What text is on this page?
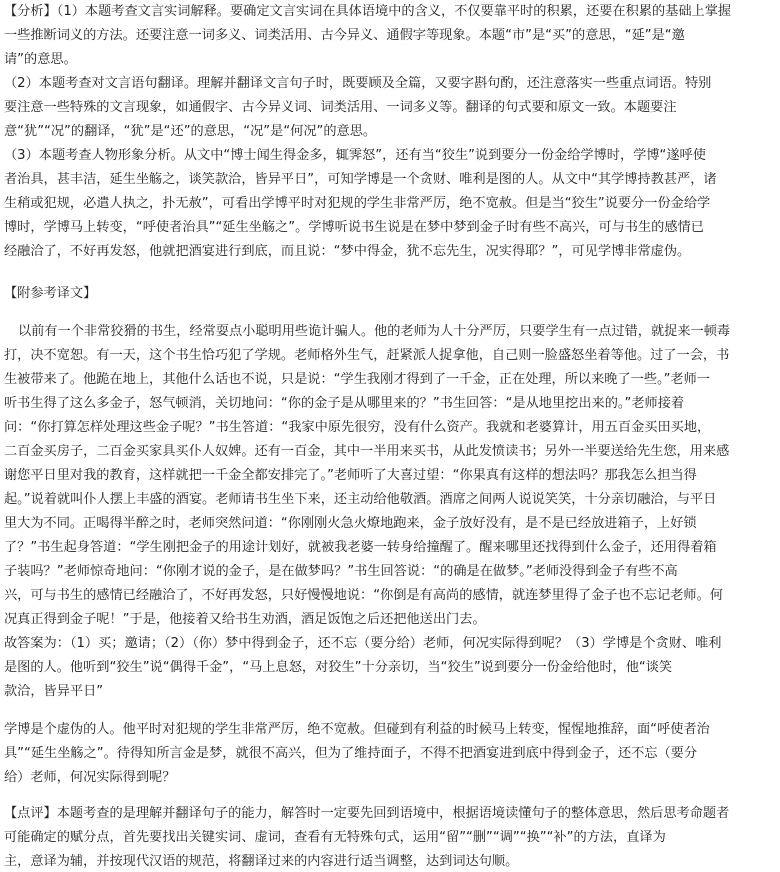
【分析】（1）本题考查文言实词解释。要确定文言实词在具体语境中的含义，不仅要靠平时的积累，还要在积累的基础上掌握
一些推断词义的方法。还要注意一词多义、词类活用、古今异义、通假字等现象。本题“市”是“买”的意思，“延”是“邀
请”的意思。
（2）本题考查对文言语句翻译。理解并翻译文言句子时，既要顾及全篇，又要字斟句酌，还注意落实一些重点词语。特别
要注意一些特殊的文言现象，如通假字、古今异义词、词类活用、一词多义等。翻译的句式要和原文一致。本题要注
意“犹”“况”的翻译，“犹”是“还”的意思，“况”是“何况”的意思。
（3）本题考查人物形象分析。从文中“博士闻生得金多，辄霁怒”，还有当“狡生”说到要分一份金给学博时，学博“遂呼使
者治具，甚丰洁，延生坐觞之，谈笑款洽，皆异平日”，可知学博是一个贪财、唯利是图的人。从文中“其学博持教甚严，诸
生稍或犯规，必遣人执之，扑无赦”，可看出学博平时对犯规的学生非常严厉，绝不宽赦。但是当“狡生”说要分一份金给学
博时，学博马上转变，“呼使者治具”“延生坐觞之”。学博听说书生说是在梦中梦到金子时有些不高兴，可与书生的感情已
经融洽了，不好再发怒，他就把酒宴进行到底，而且说：“梦中得金，犹不忘先生，况实得耶？”，可见学博非常虚伪。
【附参考译文】
以前有一个非常狡猾的书生，经常耍点小聪明用些诡计骗人。他的老师为人十分严厉，只要学生有一点过错，就捉来一顿毒
打，决不宽恕。有一天，这个书生恰巧犯了学规。老师格外生气，赶紧派人捉拿他，自己则一脸盛怒坐着等他。过了一会，书
生被带来了。他跪在地上，其他什么话也不说，只是说：“学生我刚才得到了一千金，正在处理，所以来晚了一些。”老师一
听书生得了这么多金子，怒气顿消，关切地问：“你的金子是从哪里来的？”书生回答：“是从地里挖出来的。”老师接着
问：“你打算怎样处理这些金子呢？”书生答道：“我家中原先很穷，没有什么资产。我就和老婆算计，用五百金买田买地，
二百金买房子，二百金买家具买仆人奴婢。还有一百金，其中一半用来买书，从此发愤读书；另外一半要送给先生您，用来感
谢您平日里对我的教育，这样就把一千金全都安排完了。”老师听了大喜过望：“你果真有这样的想法吗？那我怎么担当得
起。”说着就叫仆人摆上丰盛的酒宴。老师请书生坐下来，还主动给他敬酒。酒席之间两人说说笑笑，十分亲切融洽，与平日
里大为不同。正喝得半醉之时，老师突然问道：“你刚刚火急火燎地跑来，金子放好没有，是不是已经放进箱子，上好锁
了？”书生起身答道：“学生刚把金子的用途计划好，就被我老婆一转身给撞醒了。醒来哪里还找得到什么金子，还用得着箱
子装吗？”老师惊奇地问：“你刚才说的金子，是在做梦吗？”书生回答说：“的确是在做梦。”老师没得到金子有些不高
兴，可与书生的感情已经融洽了，不好再发怒，只好慢慢地说：“你倒是有高尚的感情，就连梦里得了金子也不忘记老师。何
况真正得到金子呢！”于是，他接着又给书生劝酒，酒足饭饱之后还把他送出门去。
故答案为：（1）买；邀请；（2）（你）梦中得到金子，还不忘（要分给）老师，何况实际得到呢？（3）学博是个贪财、唯利
是图的人。他听到“狡生”说“偶得千金”，“马上息怒，对狡生”十分亲切，当“狡生”说到要分一份金给他时，他“谈笑
款洽，皆异平日”
学博是个虚伪的人。他平时对犯规的学生非常严厉，绝不宽赦。但碰到有利益的时候马上转变，惺惺地推辞，面“呼使者治
具”“延生坐觞之”。待得知所言金是梦，就很不高兴，但为了维持面子，不得不把酒宴进到底中得到金子，还不忘（要分
给）老师，何况实际得到呢？
【点评】本题考查的是理解并翻译句子的能力，解答时一定要先回到语境中，根据语境读懂句子的整体意思，然后思考命题者
可能确定的赋分点，首先要找出关键实词、虚词，查看有无特殊句式，运用“留”“删”“调”“换”“补”的方法，直译为
主，意译为辅，并按现代汉语的规范，将翻译过来的内容进行适当调整，达到词达句顺。
